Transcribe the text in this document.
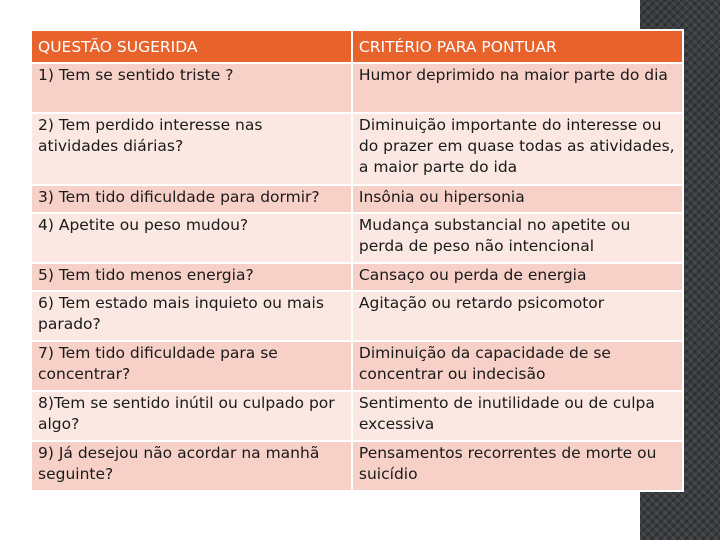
QUESTÃO SUGERIDA	CRITÉRIO PARA PONTUAR
1) Tem se sentido triste ?	Humor deprimido na maior parte do dia
2) Tem perdido interesse nas atividades diárias?	Diminuição importante do interesse ou do prazer em quase todas as atividades, a maior parte do ida
3) Tem tido dificuldade para dormir?	Insônia ou hipersonia
4) Apetite ou peso mudou?	Mudança substancial no apetite ou perda de peso não intencional
5) Tem tido menos energia?	Cansaço ou perda de energia
6) Tem estado mais inquieto ou mais parado?	Agitação ou retardo psicomotor
7) Tem tido dificuldade para se concentrar?	Diminuição da capacidade de se concentrar ou indecisão
8)Tem se sentido inútil ou culpado por algo?	Sentimento de inutilidade ou de culpa excessiva
9) Já desejou não acordar na manhã seguinte?	Pensamentos recorrentes de morte ou suicídio
